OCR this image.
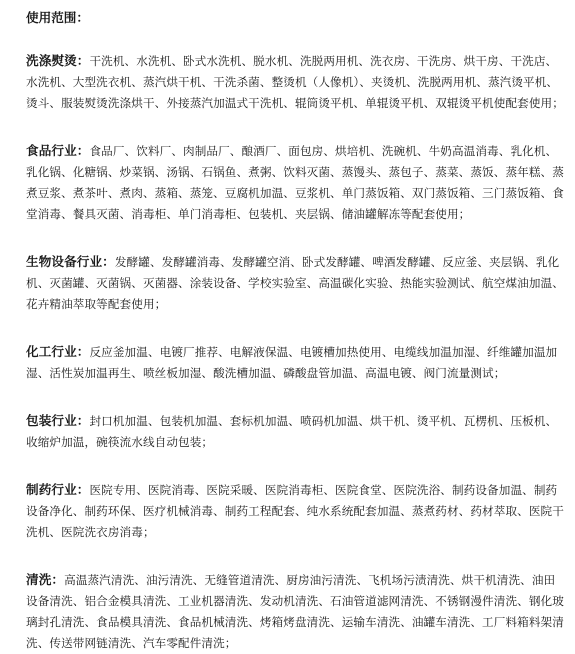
使用范围：
洗涤熨烫：干洗机、水洗机、卧式水洗机、脱水机、洗脱两用机、洗衣房、干洗房、烘干房、干洗店、水洗机、大型洗衣机、蒸汽烘干机、干洗杀菌、整烫机（人像机）、夹烫机、洗脱两用机、蒸汽烫平机、烫斗、服装熨烫洗涤烘干、外接蒸汽加温式干洗机、辊筒烫平机、单辊烫平机、双辊烫平机使配套使用；
食品行业：食品厂、饮料厂、肉制品厂、酿酒厂、面包房、烘培机、洗碗机、牛奶高温消毒、乳化机、乳化锅、化糖锅、炒菜锅、汤锅、石锅鱼、煮粥、饮料灭菌、蒸馒头、蒸包子、蒸菜、蒸饭、蒸年糕、蒸煮豆浆、煮茶叶、煮肉、蒸箱、蒸笼、豆腐机加温、豆浆机、单门蒸饭箱、双门蒸饭箱、三门蒸饭箱、食堂消毒、餐具灭菌、消毒柜、单门消毒柜、包装机、夹层锅、储油罐解冻等配套使用；
生物设备行业：发酵罐、发酵罐消毒、发酵罐空消、卧式发酵罐、啤酒发酵罐、反应釜、夹层锅、乳化机、灭菌罐、灭菌锅、灭菌器、涂装设备、学校实验室、高温碳化实验、热能实验测试、航空煤油加温、花卉精油萃取等配套使用；
化工行业：反应釜加温、电镀厂推荐、电解液保温、电镀槽加热使用、电缆线加温加湿、纤维罐加温加湿、活性炭加温再生、喷丝板加湿、酸洗槽加温、磷酸盘管加温、高温电镀、阀门流量测试；
包装行业：封口机加温、包装机加温、套标机加温、喷码机加温、烘干机、烫平机、瓦楞机、压板机、收缩炉加温，碗筷流水线自动包装；
制药行业：医院专用、医院消毒、医院采暖、医院消毒柜、医院食堂、医院洗浴、制药设备加温、制药设备净化、制药环保、医疗机械消毒、制药工程配套、纯水系统配套加温、蒸煮药材、药材萃取、医院干洗机、医院洗衣房消毒；
清洗：高温蒸汽清洗、油污清洗、无缝管道清洗、厨房油污清洗、飞机场污渍清洗、烘干机清洗、油田设备清洗、铝合金模具清洗、工业机器清洗、发动机清洗、石油管道滤网清洗、不锈钢漫件清洗、钢化玻璃封孔清洗、食品模具清洗、食品机械清洗、烤箱烤盘清洗、运输车清洗、油罐车清洗、工厂料箱料架清洗、传送带网链清洗、汽车零配件清洗；
